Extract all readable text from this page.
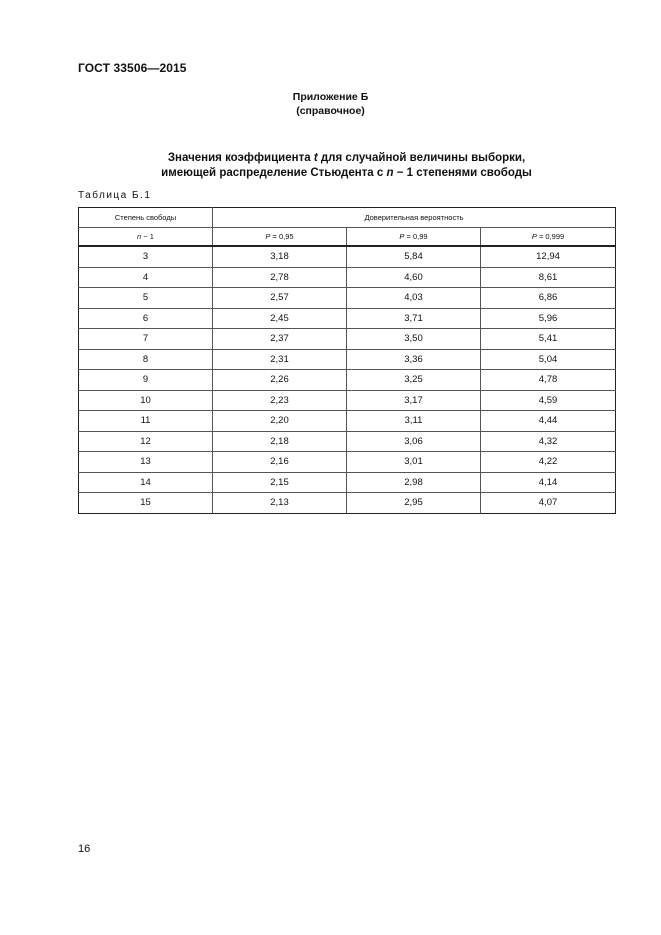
ГОСТ 33506—2015
Приложение Б
(справочное)
Значения коэффициента t для случайной величины выборки,
имеющей распределение Стьюдента с n − 1 степенями свободы
Таблица Б.1
Степень свободы	Доверительная вероятность		
n − 1	P = 0,95	P = 0,99	P = 0,999
3	3,18	5,84	12,94
4	2,78	4,60	8,61
5	2,57	4,03	6,86
6	2,45	3,71	5,96
7	2,37	3,50	5,41
8	2,31	3,36	5,04
9	2,26	3,25	4,78
10	2,23	3,17	4,59
11	2,20	3,11	4,44
12	2,18	3,06	4,32
13	2,16	3,01	4,22
14	2,15	2,98	4,14
15	2,13	2,95	4,07
16
